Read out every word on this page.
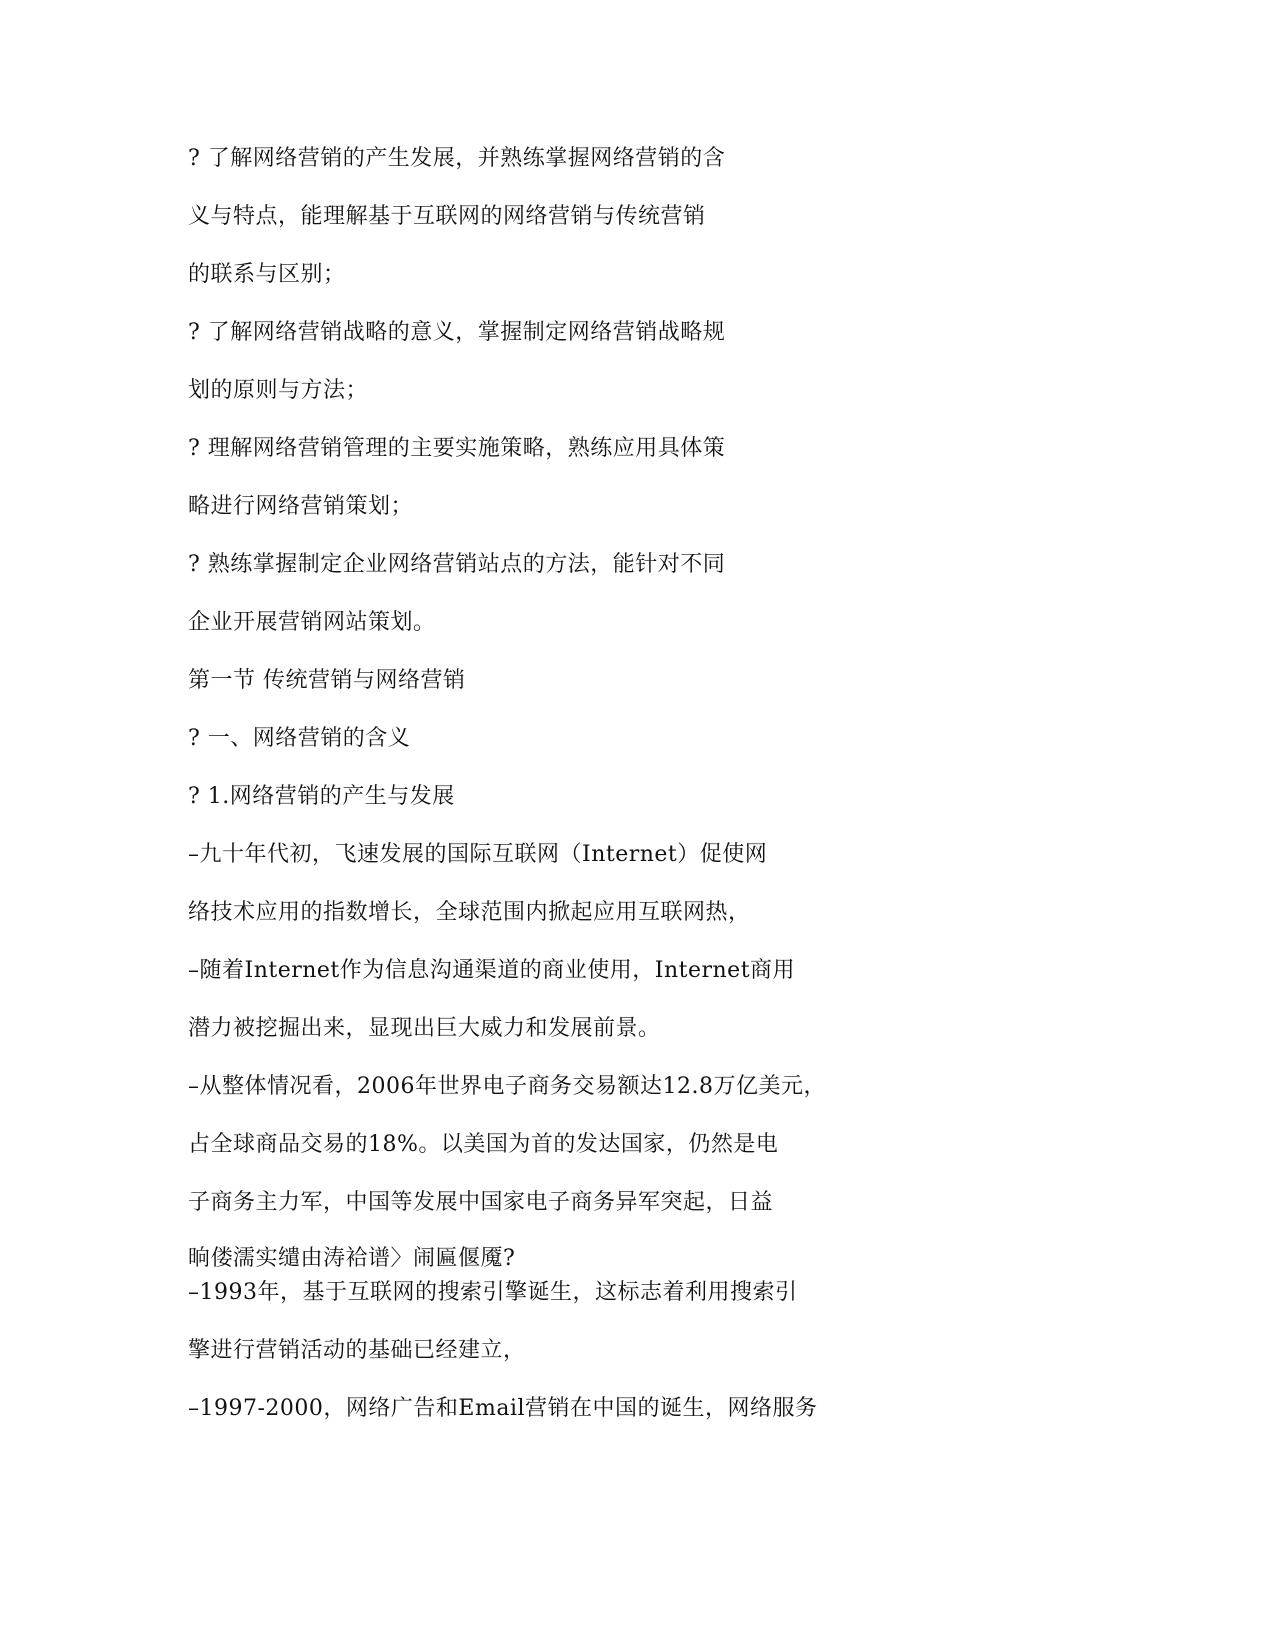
? 了解网络营销的产生发展，并熟练掌握网络营销的含
义与特点，能理解基于互联网的网络营销与传统营销
的联系与区别；
? 了解网络营销战略的意义，掌握制定网络营销战略规
划的原则与方法；
? 理解网络营销管理的主要实施策略，熟练应用具体策
略进行网络营销策划；
? 熟练掌握制定企业网络营销站点的方法，能针对不同
企业开展营销网站策划。
第一节 传统营销与网络营销
? 一、网络营销的含义
? 1.网络营销的产生与发展
–九十年代初，飞速发展的国际互联网（Internet）促使网
络技术应用的指数增长，全球范围内掀起应用互联网热，
–随着Internet作为信息沟通渠道的商业使用，Internet商用
潜力被挖掘出来，显现出巨大威力和发展前景。
–从整体情况看，2006年世界电子商务交易额达12.8万亿美元，
占全球商品交易的18%。以美国为首的发达国家，仍然是电
子商务主力军，中国等发展中国家电子商务异军突起，日益
晌偻濡实缱由涛袷谱〉闹匾偃魇?
–1993年，基于互联网的搜索引擎诞生，这标志着利用搜索引
擎进行营销活动的基础已经建立，
–1997-2000，网络广告和Email营销在中国的诞生，网络服务
